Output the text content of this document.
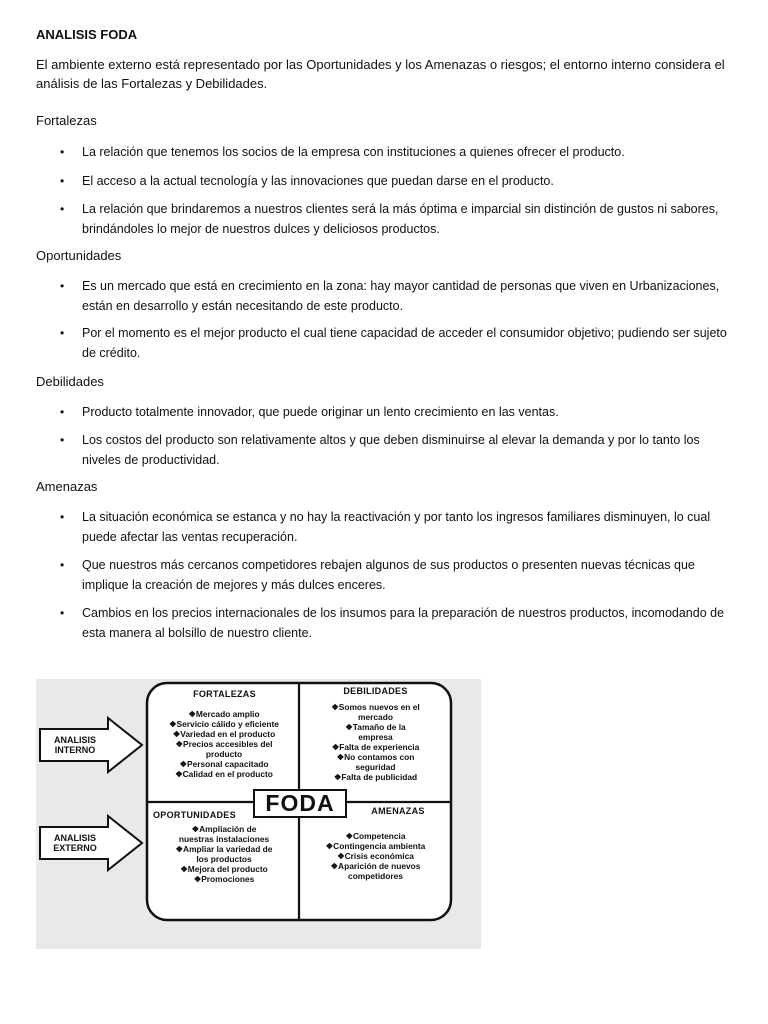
ANALISIS FODA
El ambiente externo está representado por las Oportunidades y los Amenazas o riesgos; el entorno interno considera el análisis de las Fortalezas y Debilidades.
Fortalezas
• La relación que tenemos los socios de la empresa con instituciones a quienes ofrecer el producto.
• El acceso a la actual tecnología y las innovaciones que puedan darse en el producto.
• La relación que brindaremos a nuestros clientes será la más óptima e imparcial sin distinción de gustos ni sabores, brindándoles lo mejor de nuestros dulces y deliciosos productos.
Oportunidades
• Es un mercado que está en crecimiento en la zona: hay mayor cantidad de personas que viven en Urbanizaciones, están en desarrollo y están necesitando de este producto.
• Por el momento es el mejor producto el cual tiene capacidad de acceder el consumidor objetivo; pudiendo ser sujeto de crédito.
Debilidades
• Producto totalmente innovador, que puede originar un lento crecimiento en las ventas.
• Los costos del producto son relativamente altos y que deben disminuirse al elevar la demanda y por lo tanto los niveles de productividad.
Amenazas
• La situación económica se estanca y no hay la reactivación y por tanto los ingresos familiares disminuyen, lo cual puede afectar las ventas recuperación.
• Que nuestros más cercanos competidores rebajen algunos de sus productos o presenten nuevas técnicas que implique la creación de mejores y más dulces enceres.
• Cambios en los precios internacionales de los insumos para la preparación de nuestros productos, incomodando de esta manera al bolsillo de nuestro cliente.
ANALISIS
INTERNO
ANALISIS
EXTERNO
FODA
FORTALEZAS
❖Mercado amplio
❖Servicio cálido y eficiente
❖Variedad en el producto
❖Precios accesibles del
producto
❖Personal capacitado
❖Calidad en el producto
DEBILIDADES
❖Somos nuevos en el
mercado
❖Tamaño de la
empresa
❖Falta de experiencia
❖No contamos con
seguridad
❖Falta de publicidad
OPORTUNIDADES
❖Ampliación de
nuestras instalaciones
❖Ampliar la variedad de
los productos
❖Mejora del producto
❖Promociones
AMENAZAS
❖Competencia
❖Contingencia ambienta
❖Crisis económica
❖Aparición de nuevos
competidores
